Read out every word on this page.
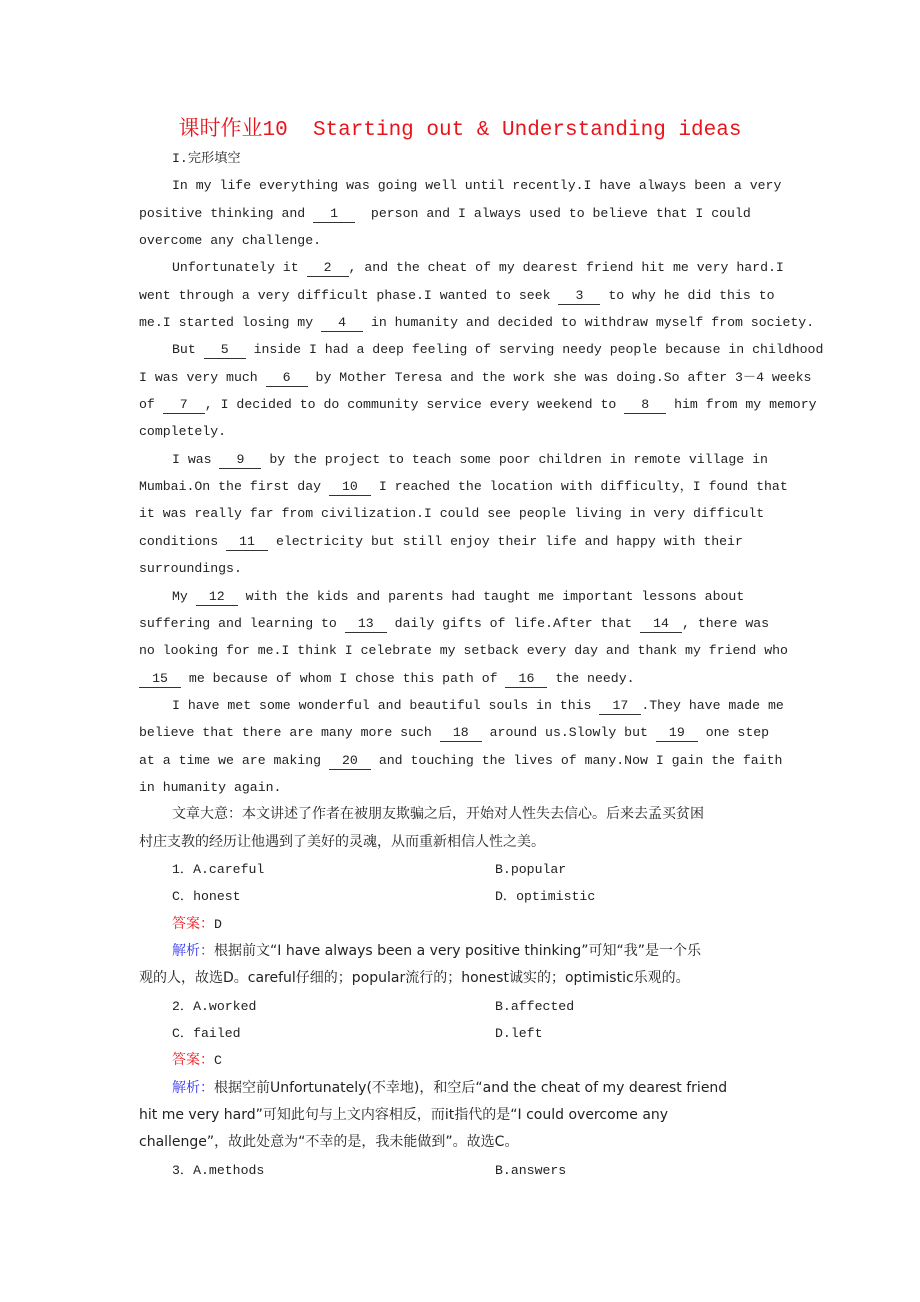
课时作业10  Starting out & Understanding ideas
I.完形填空
In my life everything was going well until recently.I have always been a very
positive thinking and 1  person and I always used to believe that I could
overcome any challenge.
Unfortunately it 2 , and the cheat of my dearest friend hit me very hard.I
went through a very difficult phase.I wanted to seek 3 to why he did this to
me.I started losing my 4 in humanity and decided to withdraw myself from society.
But 5 inside I had a deep feeling of serving needy people because in childhood
I was very much 6 by Mother Teresa and the work she was doing.So after 3－4 weeks
of 7 , I decided to do community service every weekend to 8 him from my memory
completely.
I was 9 by the project to teach some poor children in remote village in
Mumbai.On the first day 10 I reached the location with difficulty，I found that
it was really far from civilization.I could see people living in very difficult
conditions 11 electricity but still enjoy their life and happy with their
surroundings.
My 12 with the kids and parents had taught me important lessons about
suffering and learning to 13 daily gifts of life.After that 14 , there was
no looking for me.I think I celebrate my setback every day and thank my friend who
15 me because of whom I chose this path of 16 the needy.
I have met some wonderful and beautiful souls in this 17 .They have made me
believe that there are many more such 18 around us.Slowly but 19 one step
at a time we are making 20 and touching the lives of many.Now I gain the faith
in humanity again.
文章大意：本文讲述了作者在被朋友欺骗之后，开始对人性失去信心。后来去孟买贫困
村庄支教的经历让他遇到了美好的灵魂，从而重新相信人性之美。
1．A.careful	B.popular
C．honest	D．optimistic
答案：D
解析：根据前文“I have always been a very positive thinking”可知“我”是一个乐
观的人，故选D。careful仔细的；popular流行的；honest诚实的；optimistic乐观的。
2．A.worked	B.affected
C．failed	D.left
答案：C
解析：根据空前Unfortunately(不幸地)，和空后“and the cheat of my dearest friend
hit me very hard”可知此句与上文内容相反，而it指代的是“I could overcome any
challenge”，故此处意为“不幸的是，我未能做到”。故选C。
3．A.methods	B.answers
